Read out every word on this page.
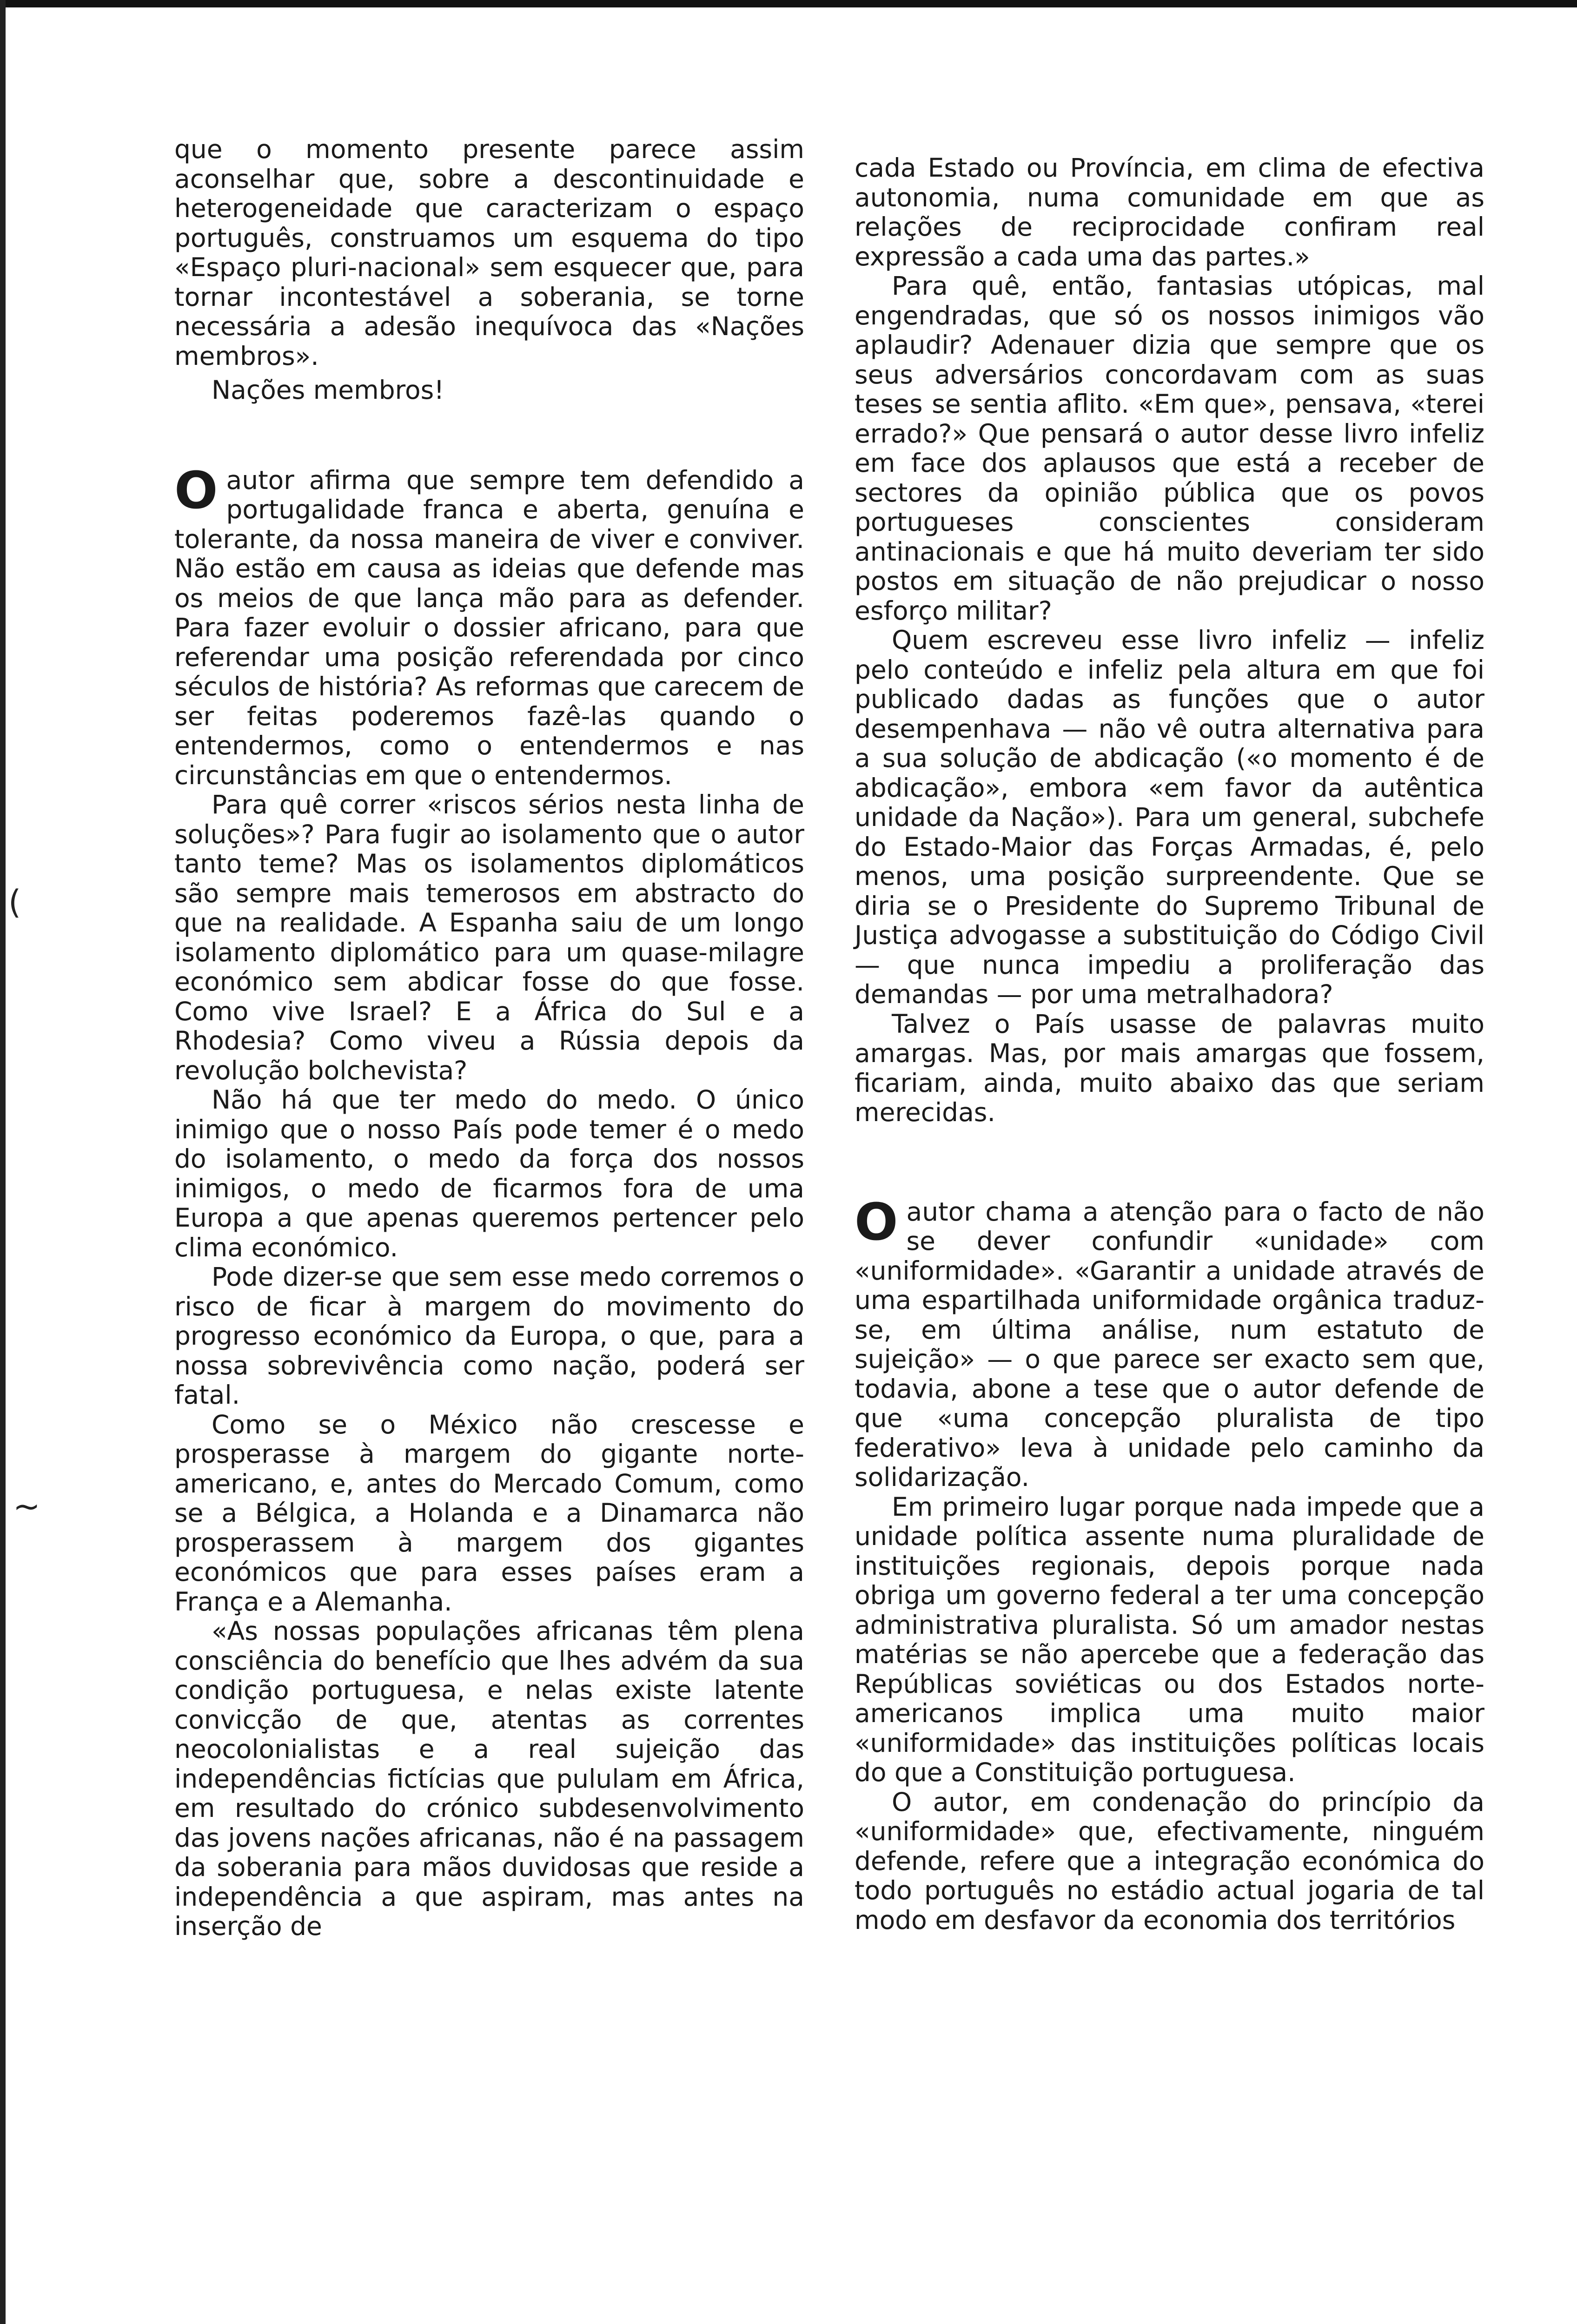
(
~

que o momento presente parece assim aconselhar que, sobre a descontinuidade e heterogeneidade que caracterizam o espaço português, construamos um esquema do tipo «Espaço pluri-nacional» sem esquecer que, para tornar incontestável a soberania, se torne necessária a adesão inequívoca das «Nações membros».

Nações membros!

Oautor afirma que sempre tem defendido a portugalidade franca e aberta, genuína e tolerante, da nossa maneira de viver e conviver. Não estão em causa as ideias que defende mas os meios de que lança mão para as defender. Para fazer evoluir o dossier africano, para que referendar uma posição referendada por cinco séculos de história? As reformas que carecem de ser feitas poderemos fazê-las quando o entendermos, como o entendermos e nas circunstâncias em que o entendermos.

Para quê correr «riscos sérios nesta linha de soluções»? Para fugir ao isolamento que o autor tanto teme? Mas os isolamentos diplomáticos são sempre mais temerosos em abstracto do que na realidade. A Espanha saiu de um longo isolamento diplomático para um quase-milagre económico sem abdicar fosse do que fosse. Como vive Israel? E a África do Sul e a Rhodesia? Como viveu a Rússia depois da revolução bolchevista?

Não há que ter medo do medo. O único inimigo que o nosso País pode temer é o medo do isolamento, o medo da força dos nossos inimigos, o medo de ficarmos fora de uma Europa a que apenas queremos pertencer pelo clima económico.

Pode dizer-se que sem esse medo corremos o risco de ficar à margem do movimento do progresso económico da Europa, o que, para a nossa sobrevivência como nação, poderá ser fatal.

Como se o México não crescesse e prosperasse à margem do gigante norte-americano, e, antes do Mercado Comum, como se a Bélgica, a Holanda e a Dinamarca não prosperassem à margem dos gigantes económicos que para esses países eram a França e a Alemanha.

«As nossas populações africanas têm plena consciência do benefício que lhes advém da sua condição portuguesa, e nelas existe latente convicção de que, atentas as correntes neocolonialistas e a real sujeição das independências fictícias que pululam em África, em resultado do crónico subdesenvolvimento das jovens nações africanas, não é na passagem da soberania para mãos duvidosas que reside a independência a que aspiram, mas antes na inserção de

cada Estado ou Província, em clima de efectiva autonomia, numa comunidade em que as relações de reciprocidade confiram real expressão a cada uma das partes.»

Para quê, então, fantasias utópicas, mal engendradas, que só os nossos inimigos vão aplaudir? Adenauer dizia que sempre que os seus adversários concordavam com as suas teses se sentia aflito. «Em que», pensava, «terei errado?» Que pensará o autor desse livro infeliz em face dos aplausos que está a receber de sectores da opinião pública que os povos portugueses conscientes consideram antinacionais e que há muito deveriam ter sido postos em situação de não prejudicar o nosso esforço militar?

Quem escreveu esse livro infeliz — infeliz pelo conteúdo e infeliz pela altura em que foi publicado dadas as funções que o autor desempenhava — não vê outra alternativa para a sua solução de abdicação («o momento é de abdicação», embora «em favor da autêntica unidade da Nação»). Para um general, subchefe do Estado-Maior das Forças Armadas, é, pelo menos, uma posição surpreendente. Que se diria se o Presidente do Supremo Tribunal de Justiça advogasse a substituição do Código Civil — que nunca impediu a proliferação das demandas — por uma metralhadora?

Talvez o País usasse de palavras muito amargas. Mas, por mais amargas que fossem, ficariam, ainda, muito abaixo das que seriam merecidas.

Oautor chama a atenção para o facto de não se dever confundir «unidade» com «uniformidade». «Garantir a unidade através de uma espartilhada uniformidade orgânica traduz-se, em última análise, num estatuto de sujeição» — o que parece ser exacto sem que, todavia, abone a tese que o autor defende de que «uma concepção pluralista de tipo federativo» leva à unidade pelo caminho da solidarização.

Em primeiro lugar porque nada impede que a unidade política assente numa pluralidade de instituições regionais, depois porque nada obriga um governo federal a ter uma concepção administrativa pluralista. Só um amador nestas matérias se não apercebe que a federação das Repúblicas soviéticas ou dos Estados norte-americanos implica uma muito maior «uniformidade» das instituições políticas locais do que a Constituição portuguesa.

O autor, em condenação do princípio da «uniformidade» que, efectivamente, ninguém defende, refere que a integração económica do todo português no estádio actual jogaria de tal modo em desfavor da economia dos territórios
